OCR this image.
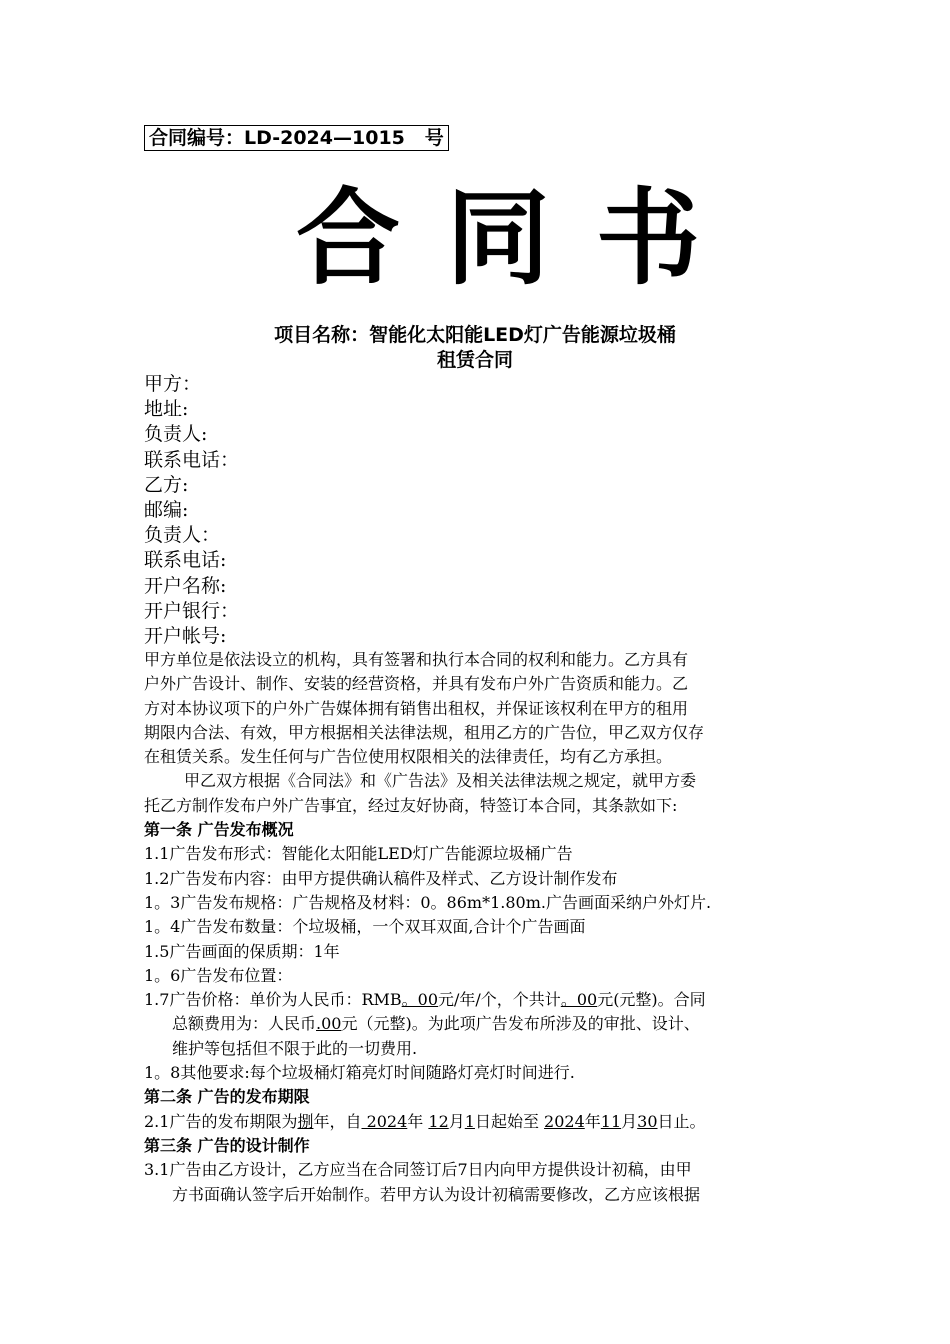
合同编号：LD-2024—1015   号
合同书
项目名称：智能化太阳能LED灯广告能源垃圾桶
租赁合同
甲方：
地址:
负责人:
联系电话：
乙方:
邮编:
负责人：
联系电话:
开户名称:
开户银行：
开户帐号:
甲方单位是依法设立的机构，具有签署和执行本合同的权利和能力。乙方具有
户外广告设计、制作、安装的经营资格，并具有发布户外广告资质和能力。乙
方对本协议项下的户外广告媒体拥有销售出租权，并保证该权利在甲方的租用
期限内合法、有效，甲方根据相关法律法规，租用乙方的广告位，甲乙双方仅存
在租赁关系。发生任何与广告位使用权限相关的法律责任，均有乙方承担。
甲乙双方根据《合同法》和《广告法》及相关法律法规之规定，就甲方委
托乙方制作发布户外广告事宜，经过友好协商，特签订本合同，其条款如下:
第一条 广告发布概况
1.1广告发布形式：智能化太阳能LED灯广告能源垃圾桶广告
1.2广告发布内容：由甲方提供确认稿件及样式、乙方设计制作发布
1。3广告发布规格：广告规格及材料：0。86m*1.80m.广告画面采纳户外灯片.
1。4广告发布数量：个垃圾桶，一个双耳双面,合计个广告画面
1.5广告画面的保质期：1年
1。6广告发布位置：
1.7广告价格：单价为人民币：RMB。00元/年/个，个共计。00元(元整)。合同
总额费用为：人民币.00元（元整)。为此项广告发布所涉及的审批、设计、
维护等包括但不限于此的一切费用.
1。8其他要求:每个垃圾桶灯箱亮灯时间随路灯亮灯时间进行.
第二条 广告的发布期限
2.1广告的发布期限为捌年，自 2024年 12月1日起始至 2024年11月30日止。
第三条 广告的设计制作
3.1广告由乙方设计，乙方应当在合同签订后7日内向甲方提供设计初稿，由甲
方书面确认签字后开始制作。若甲方认为设计初稿需要修改，乙方应该根据
